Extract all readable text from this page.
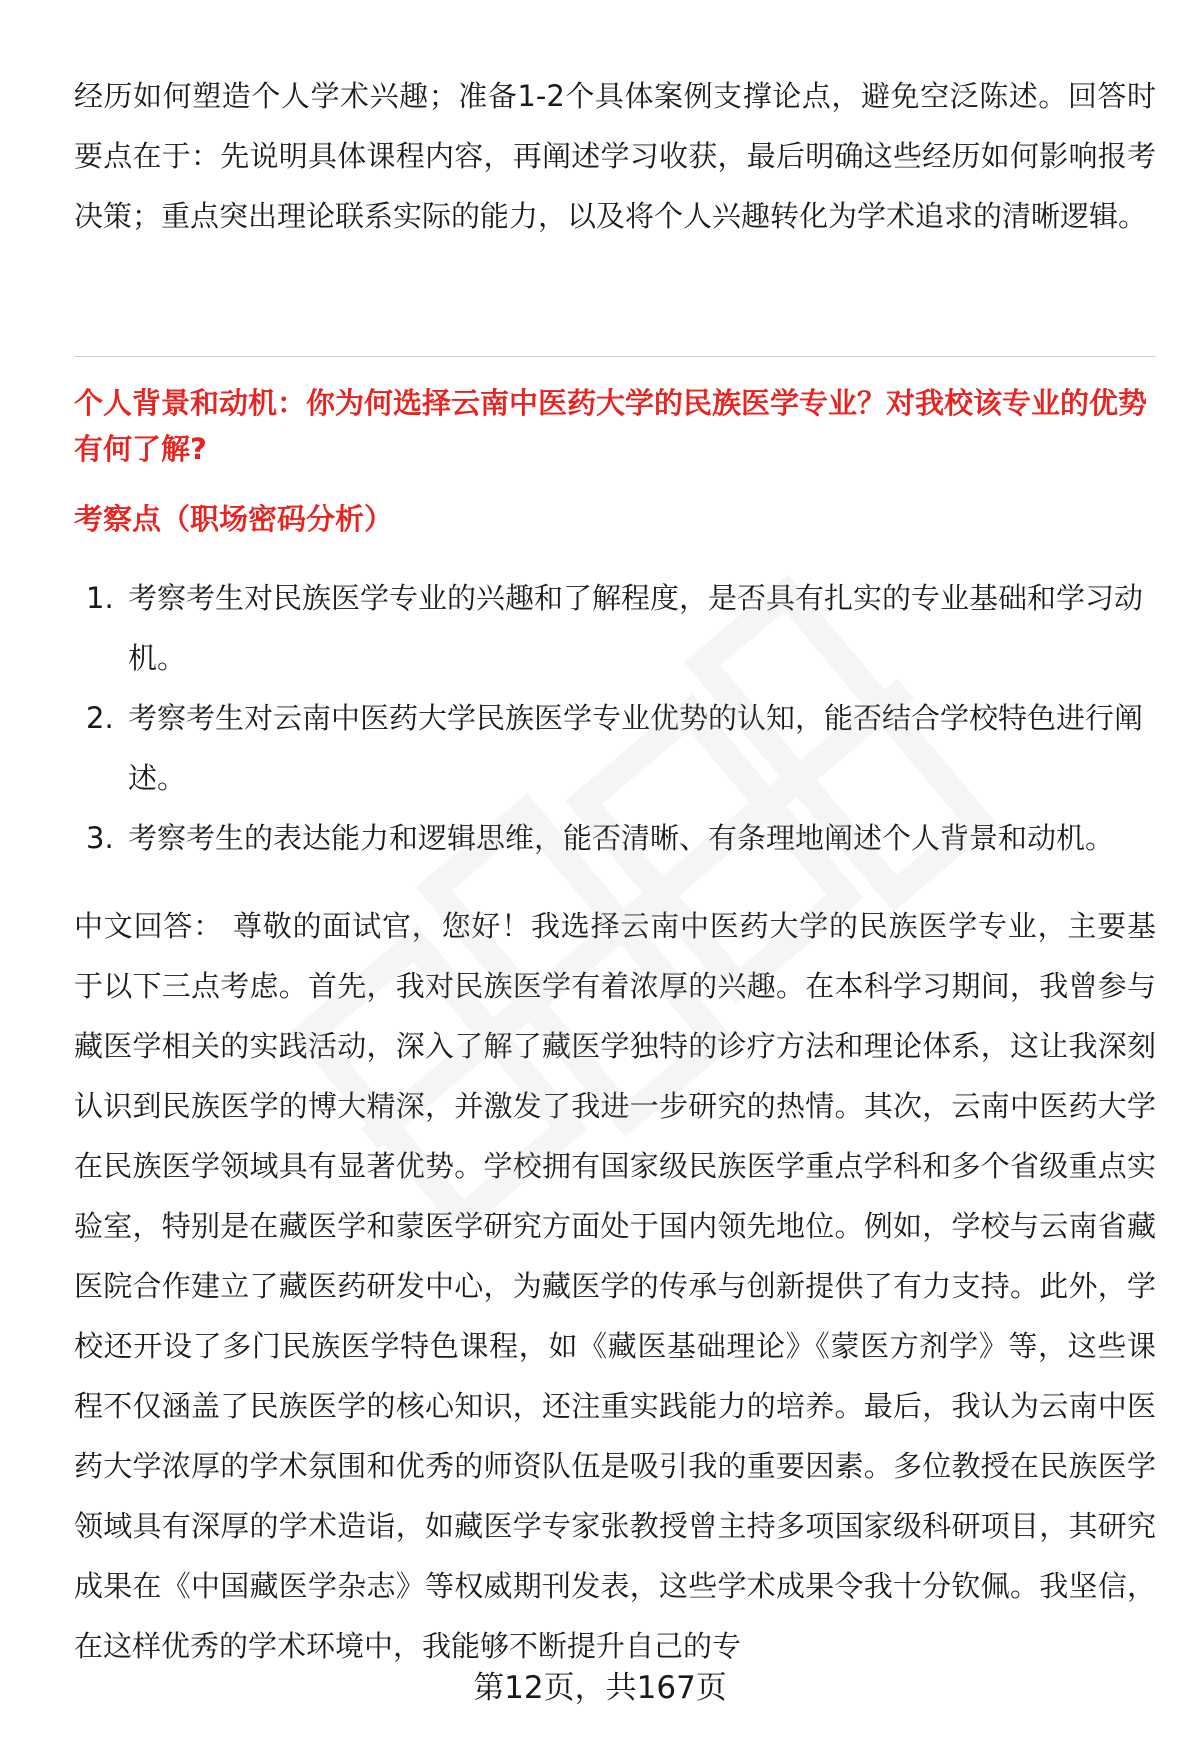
经历如何塑造个人学术兴趣；准备1-2个具体案例支撑论点，避免空泛陈述。回答时要点在于：先说明具体课程内容，再阐述学习收获，最后明确这些经历如何影响报考决策；重点突出理论联系实际的能力，以及将个人兴趣转化为学术追求的清晰逻辑。

个人背景和动机：你为何选择云南中医药大学的民族医学专业？对我校该专业的优势有何了解?

考察点（职场密码分析）

1. 考察考生对民族医学专业的兴趣和了解程度，是否具有扎实的专业基础和学习动机。
2. 考察考生对云南中医药大学民族医学专业优势的认知，能否结合学校特色进行阐述。
3. 考察考生的表达能力和逻辑思维，能否清晰、有条理地阐述个人背景和动机。

中文回答： 尊敬的面试官，您好！我选择云南中医药大学的民族医学专业，主要基于以下三点考虑。首先，我对民族医学有着浓厚的兴趣。在本科学习期间，我曾参与藏医学相关的实践活动，深入了解了藏医学独特的诊疗方法和理论体系，这让我深刻认识到民族医学的博大精深，并激发了我进一步研究的热情。其次，云南中医药大学在民族医学领域具有显著优势。学校拥有国家级民族医学重点学科和多个省级重点实验室，特别是在藏医学和蒙医学研究方面处于国内领先地位。例如，学校与云南省藏医院合作建立了藏医药研发中心，为藏医学的传承与创新提供了有力支持。此外，学校还开设了多门民族医学特色课程，如《藏医基础理论》《蒙医方剂学》等，这些课程不仅涵盖了民族医学的核心知识，还注重实践能力的培养。最后，我认为云南中医药大学浓厚的学术氛围和优秀的师资队伍是吸引我的重要因素。多位教授在民族医学领域具有深厚的学术造诣，如藏医学专家张教授曾主持多项国家级科研项目，其研究成果在《中国藏医学杂志》等权威期刊发表，这些学术成果令我十分钦佩。我坚信，在这样优秀的学术环境中，我能够不断提升自己的专

第12页，共167页
